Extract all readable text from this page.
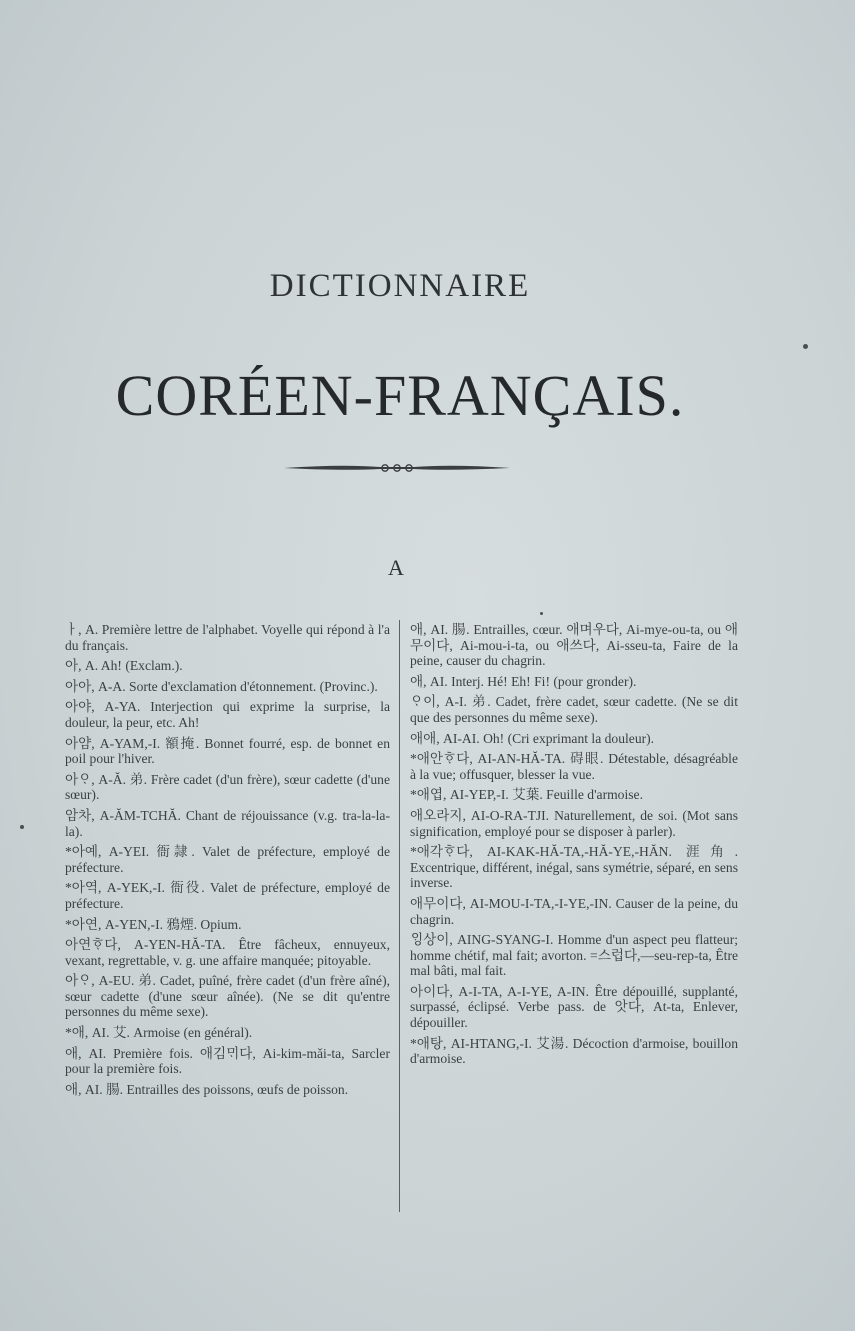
DICTIONNAIRE
CORÉEN-FRANÇAIS.
A

ㅏ, A. Première lettre de l'alphabet. Voyelle qui répond à l'a du français.

아, A. Ah! (Exclam.).

아아, A-A. Sorte d'exclamation d'étonnement. (Provinc.).

아야, A-YA. Interjection qui exprime la surprise, la douleur, la peur, etc. Ah!

아얌, A-YAM,-I. 額掩. Bonnet fourré, esp. de bonnet en poil pour l'hiver.

아ᄋᆞ, A-Ă. 弟. Frère cadet (d'un frère), sœur cadette (d'une sœur).

암차, A-ĂM-TCHĂ. Chant de réjouissance (v.g. tra-la-la-la).

*아예, A-YEI. 衙隷. Valet de préfecture, employé de préfecture.

*아역, A-YEK,-I. 衙役. Valet de préfecture, employé de préfecture.

*아연, A-YEN,-I. 鴉煙. Opium.

아연ᄒᆞ다, A-YEN-HĂ-TA. Être fâcheux, ennuyeux, vexant, regrettable, v. g. une affaire manquée; pitoyable.

아ᄋᆞ, A-EU. 弟. Cadet, puîné, frère cadet (d'un frère aîné), sœur cadette (d'une sœur aînée). (Ne se dit qu'entre personnes du même sexe).

*애, AI. 艾. Armoise (en général).

애, AI. Première fois. 애김ᄆᆡ다, Ai-kim-mǎi-ta, Sarcler pour la première fois.

애, AI. 腸. Entrailles des poissons, œufs de poisson.

애, AI. 腸. Entrailles, cœur. 애며우다, Ai-mye-ou-ta, ou 애무이다, Ai-mou-i-ta, ou 애쓰다, Ai-sseu-ta, Faire de la peine, causer du chagrin.

애, AI. Interj. Hé! Eh! Fi! (pour gronder).

ᄋᆞ이, A-I. 弟. Cadet, frère cadet, sœur cadette. (Ne se dit que des personnes du même sexe).

애애, AI-AI. Oh! (Cri exprimant la douleur).

*애안ᄒᆞ다, AI-AN-HĂ-TA. 碍眼. Détestable, désagréable à la vue; offusquer, blesser la vue.

*애엽, AI-YEP,-I. 艾葉. Feuille d'armoise.

애오라지, AI-O-RA-TJI. Naturellement, de soi. (Mot sans signification, employé pour se disposer à parler).

*애각ᄒᆞ다, AI-KAK-HĂ-TA,-HĂ-YE,-HĂN. 涯角. Excentrique, différent, inégal, sans symétrie, séparé, en sens inverse.

애무이다, AI-MOU-I-TA,-I-YE,-IN. Causer de la peine, du chagrin.

ᄋᆡᆼ상이, AING-SYANG-I. Homme d'un aspect peu flatteur; homme chétif, mal fait; avorton. =스럽다,—seu-rep-ta, Être mal bâti, mal fait.

아이다, A-I-TA, A-I-YE, A-IN. Être dépouillé, supplanté, surpassé, éclipsé. Verbe pass. de 앗다, At-ta, Enlever, dépouiller.

*애탕, AI-HTANG,-I. 艾湯. Décoction d'armoise, bouillon d'armoise.
